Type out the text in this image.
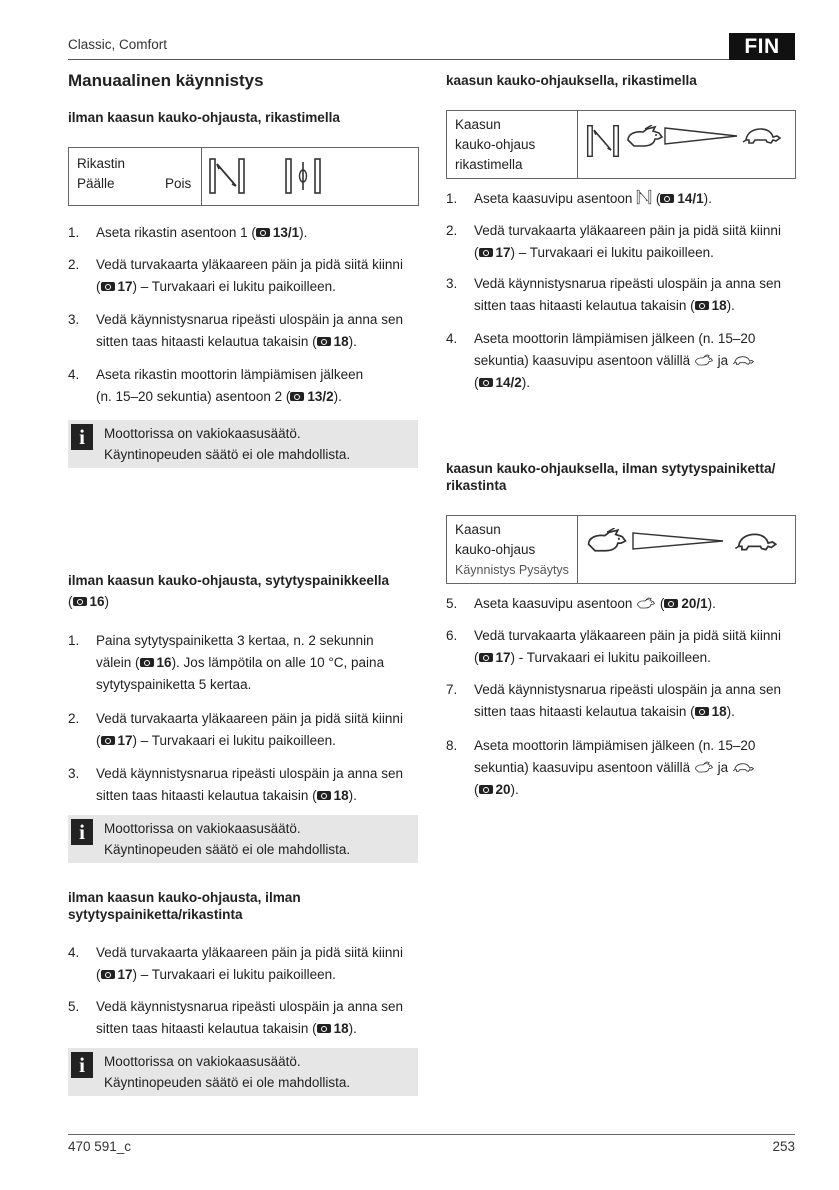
Classic, Comfort	FIN
Manuaalinen käynnistys
ilman kaasun kauko-ohjausta, rikastimella
Rikastin
Päälle	Pois
1. Aseta rikastin asentoon 1 ( 13/1).
2. Vedä turvakaarta yläkaareen päin ja pidä siitä kiinni
( 17) – Turvakaari ei lukitu paikoilleen.
3. Vedä käynnistysnarua ripeästi ulospäin ja anna sen
sitten taas hitaasti kelautua takaisin ( 18).
4. Aseta rikastin moottorin lämpiämisen jälkeen
(n. 15–20 sekuntia) asentoon 2 ( 13/2).
i	Moottorissa on vakiokaasusäätö.
Käyntinopeuden säätö ei ole mahdollista.
ilman kaasun kauko-ohjausta, sytytyspainikkeella
( 16)
1. Paina sytytyspainiketta 3 kertaa, n. 2 sekunnin
välein ( 16). Jos lämpötila on alle 10 °C, paina
sytytyspainiketta 5 kertaa.
2. Vedä turvakaarta yläkaareen päin ja pidä siitä kiinni
( 17) – Turvakaari ei lukitu paikoilleen.
3. Vedä käynnistysnarua ripeästi ulospäin ja anna sen
sitten taas hitaasti kelautua takaisin ( 18).
i	Moottorissa on vakiokaasusäätö.
Käyntinopeuden säätö ei ole mahdollista.
ilman kaasun kauko-ohjausta, ilman
sytytyspainiketta/rikastinta
4. Vedä turvakaarta yläkaareen päin ja pidä siitä kiinni
( 17) – Turvakaari ei lukitu paikoilleen.
5. Vedä käynnistysnarua ripeästi ulospäin ja anna sen
sitten taas hitaasti kelautua takaisin ( 18).
i	Moottorissa on vakiokaasusäätö.
Käyntinopeuden säätö ei ole mahdollista.
kaasun kauko-ohjauksella, rikastimella
Kaasun
kauko-ohjaus
rikastimella
1. Aseta kaasuvipu asentoon  ( 14/1).
2. Vedä turvakaarta yläkaareen päin ja pidä siitä kiinni
( 17) – Turvakaari ei lukitu paikoilleen.
3. Vedä käynnistysnarua ripeästi ulospäin ja anna sen
sitten taas hitaasti kelautua takaisin ( 18).
4. Aseta moottorin lämpiämisen jälkeen (n. 15–20
sekuntia) kaasuvipu asentoon välillä  ja
( 14/2).
kaasun kauko-ohjauksella, ilman sytytyspainiketta/
rikastinta
Kaasun
kauko-ohjaus
Käynnistys Pysäytys
5. Aseta kaasuvipu asentoon  ( 20/1).
6. Vedä turvakaarta yläkaareen päin ja pidä siitä kiinni
( 17) - Turvakaari ei lukitu paikoilleen.
7. Vedä käynnistysnarua ripeästi ulospäin ja anna sen
sitten taas hitaasti kelautua takaisin ( 18).
8. Aseta moottorin lämpiämisen jälkeen (n. 15–20
sekuntia) kaasuvipu asentoon välillä  ja
( 20).
470 591_c	253
